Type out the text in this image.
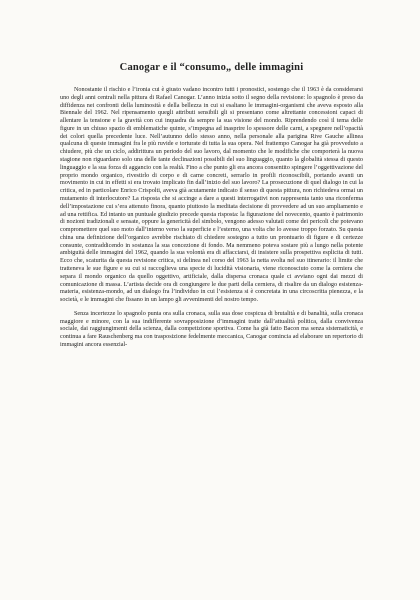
Canogar e il “consumo„ delle immagini

Nonostante il rischio e l’ironia cui è giusto vadano incontro tutti i pronostici, sostengo che il 1963 è da considerarsi uno degli anni centrali nella pittura di Rafael Canogar. L’anno inizia sotto il segno della revisione: lo spagnolo è preso da diffidenza nei confronti della luminosità e della bellezza in cui si esaltano le immagini-organismi che aveva esposto alla Biennale del 1962. Nel ripensamento quegli attributi sensibili gli si presentano come altrettante concessioni capaci di allentare la tensione e la gravità con cui inquadra da sempre la sua visione del mondo. Riprendendo così il tema delle figure in un chiuso spazio di emblematiche quinte, s’impegna ad inasprire lo spessore delle carni, a spegnere nell’opacità dei colori quella precedente luce. Nell’autunno dello stesso anno, nella personale alla parigina Rive Gauche allinea qualcuna di queste immagini fra le più ruvide e torturate di tutta la sua opera. Nel frattempo Canogar ha già provveduto a chiudere, più che un ciclo, addirittura un periodo del suo lavoro, dal momento che le modifiche che comporterà la nuova stagione non riguardano solo una delle tante declinazioni possibili del suo linguaggio, quanto la globalità stessa di questo linguaggio e la sua forza di aggancio con la realtà. Fino a che punto gli era ancora consentito spingere l’oggettivazione del proprio mondo organico, rivestirlo di corpo e di carne concreti, serrarlo in profili riconoscibili, portando avanti un movimento in cui in effetti si era trovato implicato fin dall’inizio del suo lavoro? La prosecuzione di quel dialogo in cui la critica, ed in particolare Enrico Crispolti, aveva già acutamente indicato il senso di questa pittura, non richiedeva ormai un mutamento di interlocutore? La risposta che si accinge a dare a questi interrogativi non rappresenta tanto una riconferma dell’impostazione cui s’era attenuto finora, quanto piuttosto la meditata decisione di provvedere ad un suo ampliamento e ad una rettifica. Ed intanto un puntuale giudizio precede questa risposta: la figurazione del novecento, quanto è patrimonio di nozioni tradizionali e sensate, oppure la genericità del simbolo, vengono adesso valutati come dei pericoli che potevano compromettere quel suo moto dall’interno verso la superficie e l’esterno, una volta che lo avesse troppo forzato. Su questa china una definizione dell’organico avrebbe rischiato di chiedere sostegno a tutto un prontuario di figure e di certezze consunte, contraddicendo in sostanza la sua concezione di fondo. Ma nemmeno poteva sostare più a lungo nella potente ambiguità delle immagini del 1962, quando la sua volontà era di affacciarsi, di insistere sulla prospettiva esplicita di tutti. Ecco che, scaturita da questa revisione critica, si delinea nel corso del 1963 la netta svolta nel suo itinerario: il limite che tratteneva le sue figure e su cui si raccoglieva una specie di lucidità visionaria, viene riconosciuto come la cerniera che separa il mondo organico da quello oggettivo, artificiale, dalla dispersa cronaca quale ci avviano ogni dai mezzi di comunicazione di massa. L’artista decide ora di congiungere le due parti della cerniera, di risalire da un dialogo esistenza-materia, esistenza-mondo, ad un dialogo fra l’individuo in cui l’esistenza si è concretata in una circoscritta pienezza, e la società, e le immagini che fissano in un lampo gli avvenimenti del nostro tempo.

Senza incertezze lo spagnolo punta ora sulla cronaca, sulla sua dose cospicua di brutalità e di banalità, sulla cronaca maggiore e minore, con la sua indifferente sovrapposizione d’immagini tratte dall’attualità politica, dalla convivenza sociale, dai raggiungimenti della scienza, dalla competizione sportiva. Come ha già fatto Bacon ma senza sistematicità, e continua a fare Rauschenberg ma con trasposizione fedelmente meccanica, Canogar comincia ad elaborare un repertorio di immagini ancora essenzial-
